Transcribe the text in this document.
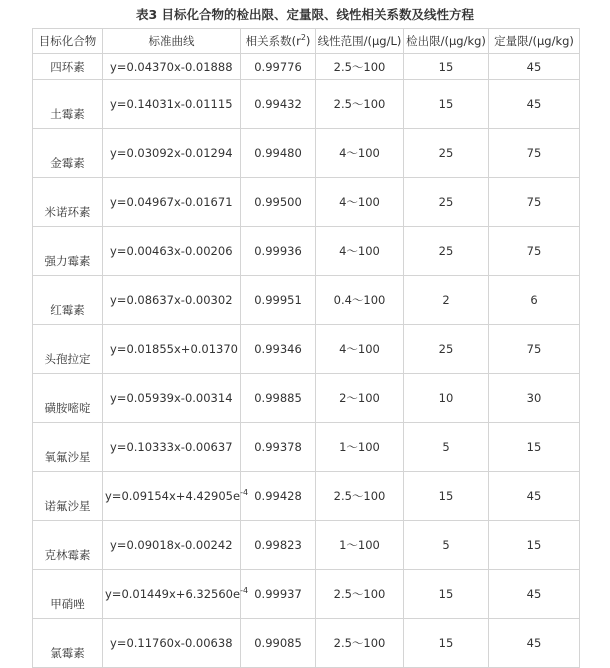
表3 目标化合物的检出限、定量限、线性相关系数及线性方程
目标化合物	标准曲线	相关系数$(r^2)$	线性范围/(μg/L)	检出限/(μg/kg)	定量限/(μg/kg)
四环素	y=0.04370x-0.01888	0.99776	2.5～100	15	45
土霉素	y=0.14031x-0.01115	0.99432	2.5～100	15	45
金霉素	y=0.03092x-0.01294	0.99480	4～100	25	75
米诺环素	y=0.04967x-0.01671	0.99500	4～100	25	75
强力霉素	y=0.00463x-0.00206	0.99936	4～100	25	75
红霉素	y=0.08637x-0.00302	0.99951	0.4～100	2	6
头孢拉定	y=0.01855x+0.01370	0.99346	4～100	25	75
磺胺嘧啶	y=0.05939x-0.00314	0.99885	2～100	10	30
氧氟沙星	y=0.10333x-0.00637	0.99378	1～100	5	15
诺氟沙星	$y=0.09154x+4.42905e^{-4}$	0.99428	2.5～100	15	45
克林霉素	y=0.09018x-0.00242	0.99823	1～100	5	15
甲硝唑	$y=0.01449x+6.32560e^{-4}$	0.99937	2.5～100	15	45
氯霉素	y=0.11760x-0.00638	0.99085	2.5～100	15	45
